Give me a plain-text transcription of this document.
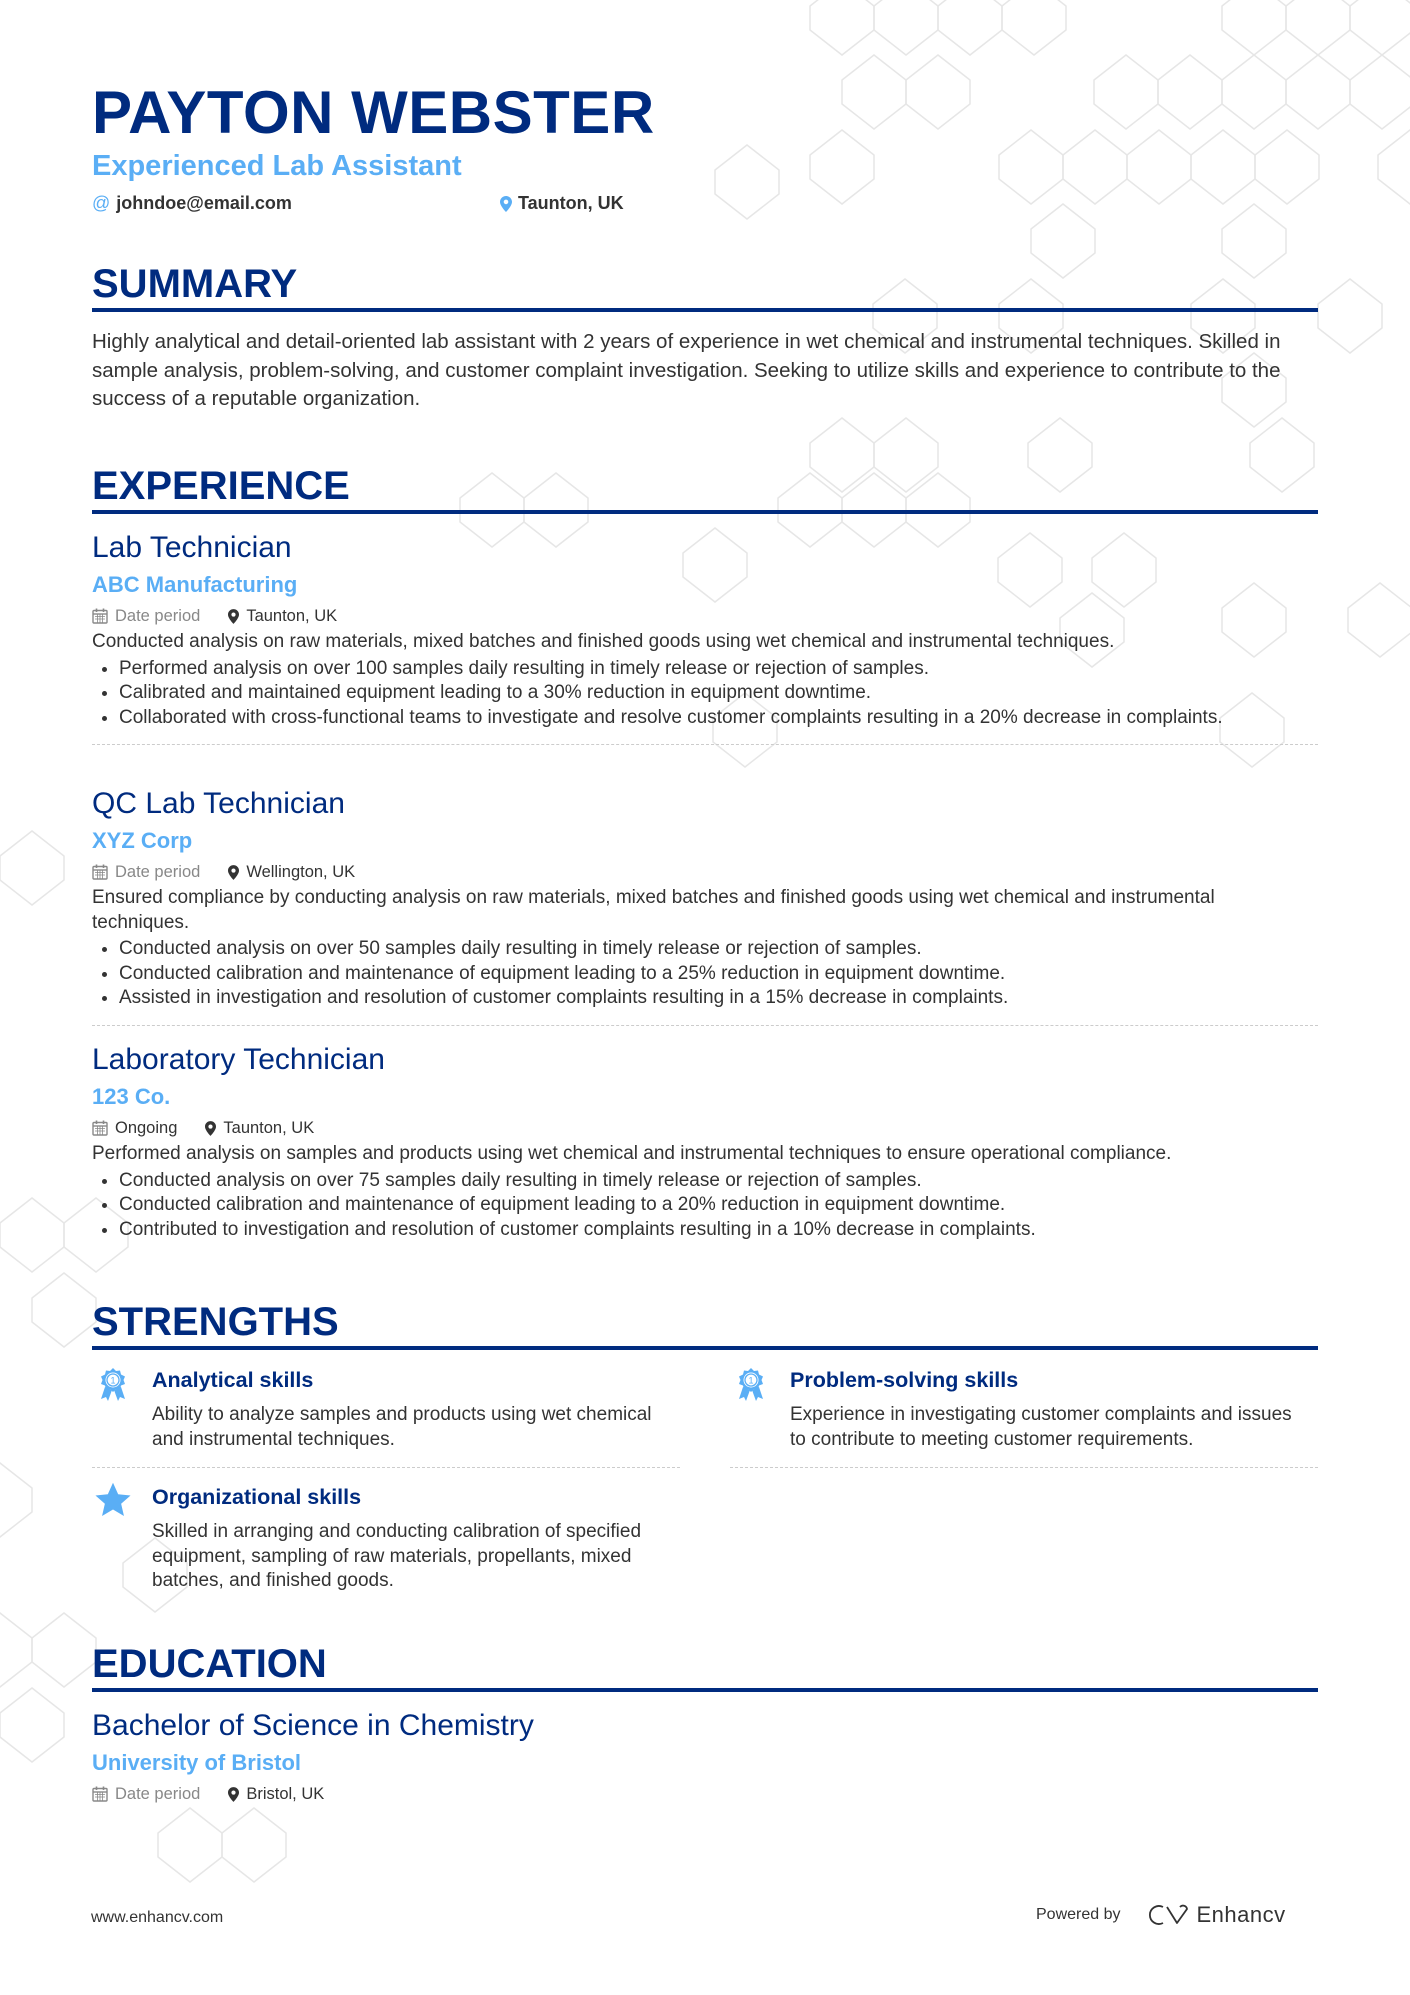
PAYTON WEBSTER
Experienced Lab Assistant
@ johndoe@email.com	Taunton, UK
SUMMARY
Highly analytical and detail-oriented lab assistant with 2 years of experience in wet chemical and instrumental techniques. Skilled in sample analysis, problem-solving, and customer complaint investigation. Seeking to utilize skills and experience to contribute to the success of a reputable organization.
EXPERIENCE
Lab Technician
ABC Manufacturing
Date period	Taunton, UK
Conducted analysis on raw materials, mixed batches and finished goods using wet chemical and instrumental techniques.
• Performed analysis on over 100 samples daily resulting in timely release or rejection of samples.
• Calibrated and maintained equipment leading to a 30% reduction in equipment downtime.
• Collaborated with cross-functional teams to investigate and resolve customer complaints resulting in a 20% decrease in complaints.
QC Lab Technician
XYZ Corp
Date period	Wellington, UK
Ensured compliance by conducting analysis on raw materials, mixed batches and finished goods using wet chemical and instrumental techniques.
• Conducted analysis on over 50 samples daily resulting in timely release or rejection of samples.
• Conducted calibration and maintenance of equipment leading to a 25% reduction in equipment downtime.
• Assisted in investigation and resolution of customer complaints resulting in a 15% decrease in complaints.
Laboratory Technician
123 Co.
Ongoing	Taunton, UK
Performed analysis on samples and products using wet chemical and instrumental techniques to ensure operational compliance.
• Conducted analysis on over 75 samples daily resulting in timely release or rejection of samples.
• Conducted calibration and maintenance of equipment leading to a 20% reduction in equipment downtime.
• Contributed to investigation and resolution of customer complaints resulting in a 10% decrease in complaints.
STRENGTHS
1 Analytical skills
Ability to analyze samples and products using wet chemical and instrumental techniques.
1 Problem-solving skills
Experience in investigating customer complaints and issues to contribute to meeting customer requirements.
Organizational skills
Skilled in arranging and conducting calibration of specified equipment, sampling of raw materials, propellants, mixed batches, and finished goods.
EDUCATION
Bachelor of Science in Chemistry
University of Bristol
Date period	Bristol, UK
www.enhancv.com	Powered by	Enhancv
